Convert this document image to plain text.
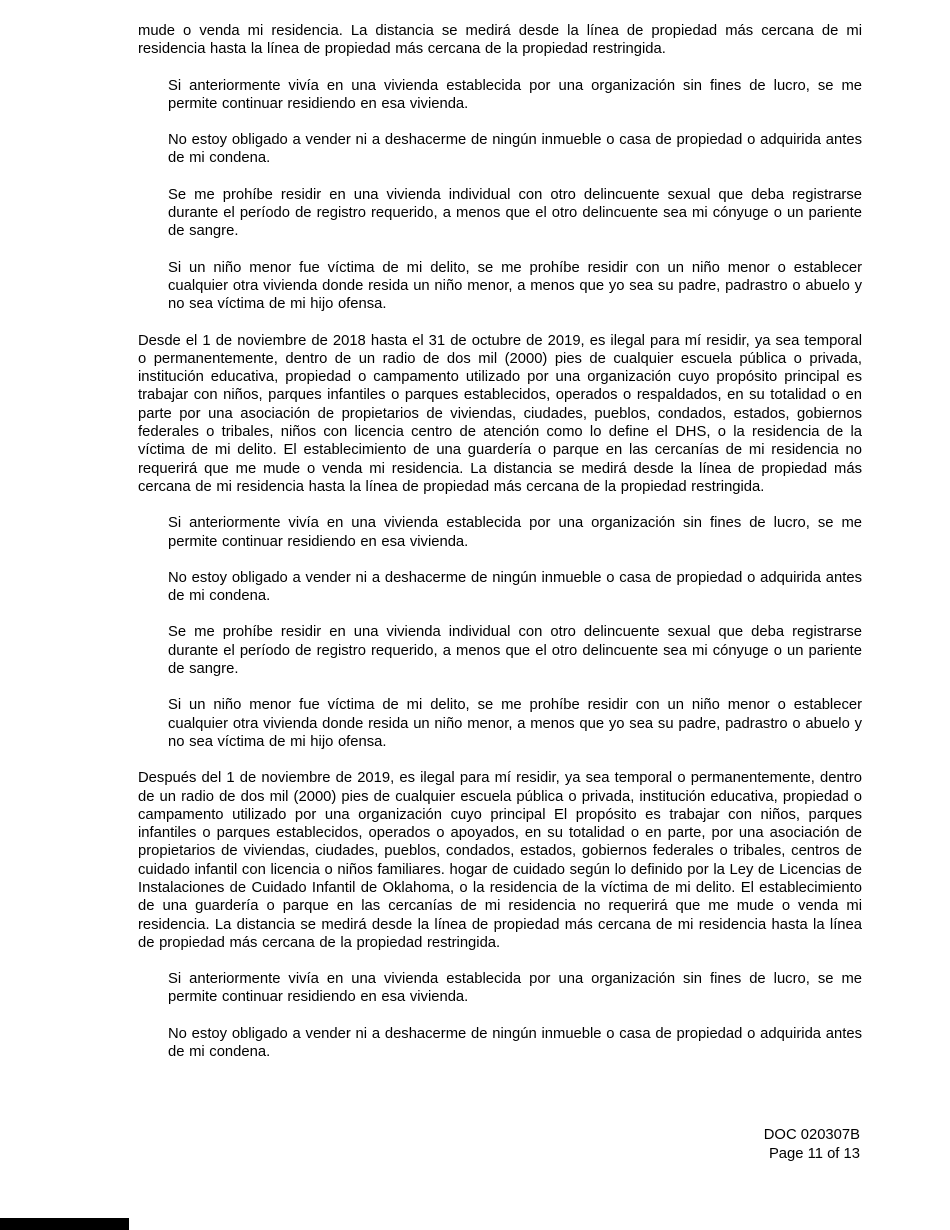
mude o venda mi residencia. La distancia se medirá desde la línea de propiedad más cercana de mi residencia hasta la línea de propiedad más cercana de la propiedad restringida.

Si anteriormente vivía en una vivienda establecida por una organización sin fines de lucro, se me permite continuar residiendo en esa vivienda.

No estoy obligado a vender ni a deshacerme de ningún inmueble o casa de propiedad o adquirida antes de mi condena.

Se me prohíbe residir en una vivienda individual con otro delincuente sexual que deba registrarse durante el período de registro requerido, a menos que el otro delincuente sea mi cónyuge o un pariente de sangre.

Si un niño menor fue víctima de mi delito, se me prohíbe residir con un niño menor o establecer cualquier otra vivienda donde resida un niño menor, a menos que yo sea su padre, padrastro o abuelo y no sea víctima de mi hijo ofensa.

Desde el 1 de noviembre de 2018 hasta el 31 de octubre de 2019, es ilegal para mí residir, ya sea temporal o permanentemente, dentro de un radio de dos mil (2000) pies de cualquier escuela pública o privada, institución educativa, propiedad o campamento utilizado por una organización cuyo propósito principal es trabajar con niños, parques infantiles o parques establecidos, operados o respaldados, en su totalidad o en parte por una asociación de propietarios de viviendas, ciudades, pueblos, condados, estados, gobiernos federales o tribales, niños con licencia centro de atención como lo define el DHS, o la residencia de la víctima de mi delito. El establecimiento de una guardería o parque en las cercanías de mi residencia no requerirá que me mude o venda mi residencia. La distancia se medirá desde la línea de propiedad más cercana de mi residencia hasta la línea de propiedad más cercana de la propiedad restringida.

Si anteriormente vivía en una vivienda establecida por una organización sin fines de lucro, se me permite continuar residiendo en esa vivienda.

No estoy obligado a vender ni a deshacerme de ningún inmueble o casa de propiedad o adquirida antes de mi condena.

Se me prohíbe residir en una vivienda individual con otro delincuente sexual que deba registrarse durante el período de registro requerido, a menos que el otro delincuente sea mi cónyuge o un pariente de sangre.

Si un niño menor fue víctima de mi delito, se me prohíbe residir con un niño menor o establecer cualquier otra vivienda donde resida un niño menor, a menos que yo sea su padre, padrastro o abuelo y no sea víctima de mi hijo ofensa.

Después del 1 de noviembre de 2019, es ilegal para mí residir, ya sea temporal o permanentemente, dentro de un radio de dos mil (2000) pies de cualquier escuela pública o privada, institución educativa, propiedad o campamento utilizado por una organización cuyo principal El propósito es trabajar con niños, parques infantiles o parques establecidos, operados o apoyados, en su totalidad o en parte, por una asociación de propietarios de viviendas, ciudades, pueblos, condados, estados, gobiernos federales o tribales, centros de cuidado infantil con licencia o niños familiares. hogar de cuidado según lo definido por la Ley de Licencias de Instalaciones de Cuidado Infantil de Oklahoma, o la residencia de la víctima de mi delito. El establecimiento de una guardería o parque en las cercanías de mi residencia no requerirá que me mude o venda mi residencia. La distancia se medirá desde la línea de propiedad más cercana de mi residencia hasta la línea de propiedad más cercana de la propiedad restringida.

Si anteriormente vivía en una vivienda establecida por una organización sin fines de lucro, se me permite continuar residiendo en esa vivienda.

No estoy obligado a vender ni a deshacerme de ningún inmueble o casa de propiedad o adquirida antes de mi condena.

DOC 020307B
Page 11 of 13
